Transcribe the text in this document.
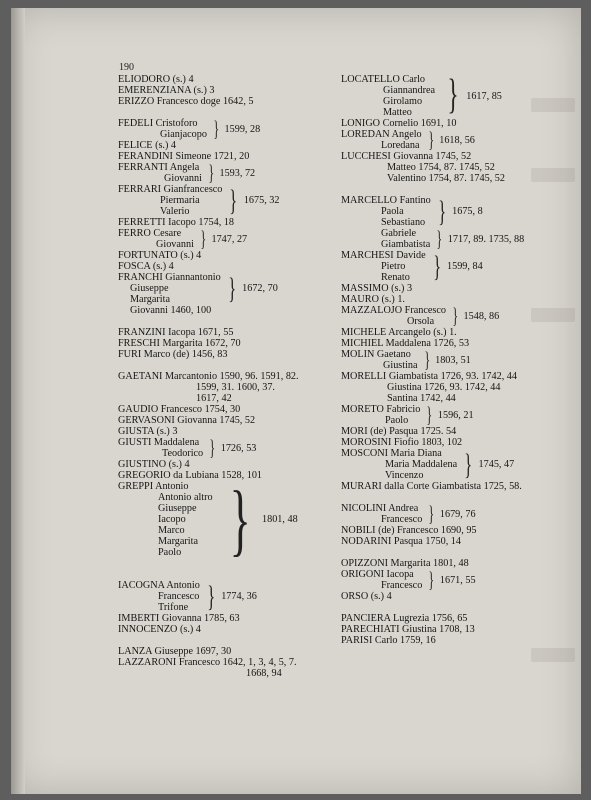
190
ELIODORO (s.) 4
EMERENZIANA (s.) 3
ERIZZO Francesco doge 1642, 5
FEDELI Cristoforo
Gianjacopo } 1599, 28
FELICE (s.) 4
FERANDINI Simeone 1721, 20
FERRANTI Angela
Giovanni } 1593, 72
FERRARI Gianfrancesco
Piermaria
Valerio	} 1675, 32
FERRETTI Iacopo 1754, 18
FERRO Cesare
Giovanni } 1747, 27
FORTUNATO (s.) 4
FOSCA (s.) 4
FRANCHI Giannantonio
Giuseppe
Margarita	} 1672, 70
Giovanni 1460, 100
FRANZINI Iacopa 1671, 55
FRESCHI Margarita 1672, 70
FURI Marco (de) 1456, 83
GAETANI Marcantonio 1590, 96. 1591, 82.
1599, 31. 1600, 37.
1617, 42
GAUDIO Francesco 1754, 30
GERVASONI Giovanna 1745, 52
GIUSTA (s.) 3
GIUSTI Maddalena
Teodorico } 1726, 53
GIUSTINO (s.) 4
GREGORIO da Lubiana 1528, 101
GREPPI Antonio
Antonio altro
Giuseppe
Iacopo
Marco
Margarita
Paolo } 1801, 48
IACOGNA Antonio
Francesco
Trifone } 1774, 36
IMBERTI Giovanna 1785, 63
INNOCENZO (s.) 4
LANZA Giuseppe 1697, 30
LAZZARONI Francesco 1642, 1, 3, 4, 5, 7.
1668, 94
LOCATELLO Carlo
Giannandrea
Girolamo
Matteo } 1617, 85
LONIGO Cornelio 1691, 10
LOREDAN Angelo
Loredana } 1618, 56
LUCCHESI Giovanna 1745, 52
Matteo 1754, 87. 1745, 52
Valentino 1754, 87. 1745, 52
MARCELLO Fantino
Paola
Sebastiano } 1675, 8
Gabriele
Giambatista } 1717, 89. 1735, 88
MARCHESI Davide
Pietro
Renato } 1599, 84
MASSIMO (s.) 3
MAURO (s.) 1.
MAZZALOJO Francesco
Orsola } 1548, 86
MICHELE Arcangelo (s.) 1.
MICHIEL Maddalena 1726, 53
MOLIN Gaetano
Giustina } 1803, 51
MORELLI Giambatista 1726, 93. 1742, 44
Giustina 1726, 93. 1742, 44
Santina 1742, 44
MORETO Fabricio
Paolo } 1596, 21
MORI (de) Pasqua 1725. 54
MOROSINI Fiofio 1803, 102
MOSCONI Maria Diana
Maria Maddalena
Vincenzo	} 1745, 47
MURARI dalla Corte Giambatista 1725, 58.
NICOLINI Andrea
Francesco } 1679, 76
NOBILI (de) Francesco 1690, 95
NODARINI Pasqua 1750, 14
OPIZZONI Margarita 1801, 48
ORIGONI Iacopa
Francesco } 1671, 55
ORSO (s.) 4
PANCIERA Lugrezia 1756, 65
PARECHIATI Giustina 1708, 13
PARISI Carlo 1759, 16
